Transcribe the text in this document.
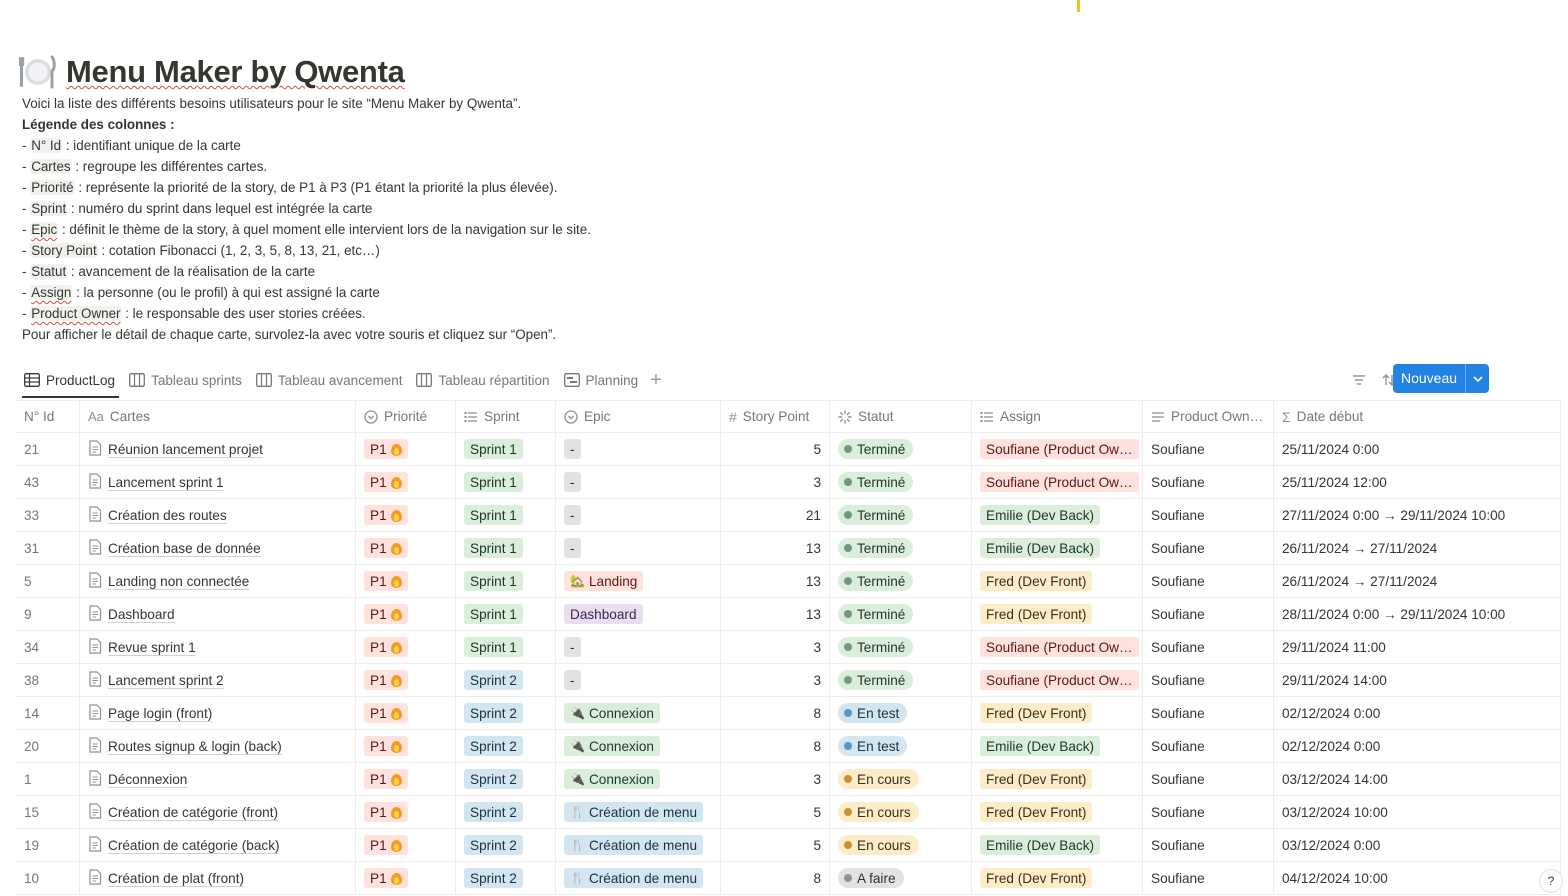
Menu Maker by Qwenta
Voici la liste des différents besoins utilisateurs pour le site “Menu Maker by Qwenta”.
Légende des colonnes :
- N° Id : identifiant unique de la carte
- Cartes : regroupe les différentes cartes.
- Priorité : représente la priorité de la story, de P1 à P3 (P1 étant la priorité la plus élevée).
- Sprint : numéro du sprint dans lequel est intégrée la carte
- Epic : définit le thème de la story, à quel moment elle intervient lors de la navigation sur le site.
- Story Point : cotation Fibonacci (1, 2, 3, 5, 8, 13, 21, etc…)
- Statut : avancement de la réalisation de la carte
- Assign : la personne (ou le profil) à qui est assigné la carte
- Product Owner : le responsable des user stories créées.
Pour afficher le détail de chaque carte, survolez-la avec votre souris et cliquez sur “Open”.
ProductLog	Tableau sprints	Tableau avancement	Tableau répartition	Planning +	Nouveau
N° Id	Aa Cartes	Priorité	Sprint	Epic	# Story Point	Statut	Assign	Product Own… Σ Date début
21	Réunion lancement projet	P1	Sprint 1	-	5	Terminé	Soufiane (Product Ow…	Soufiane	25/11/2024 0:00
43	Lancement sprint 1	P1	Sprint 1	-	3	Terminé	Soufiane (Product Ow…	Soufiane	25/11/2024 12:00
33	Création des routes	P1	Sprint 1	-	21	Terminé	Emilie (Dev Back)	Soufiane	27/11/2024 0:00 → 29/11/2024 10:00
31	Création base de donnée	P1	Sprint 1	-	13	Terminé	Emilie (Dev Back)	Soufiane	26/11/2024 → 27/11/2024
5	Landing non connectée	P1	Sprint 1	🏡 Landing	13	Terminé	Fred (Dev Front)	Soufiane	26/11/2024 → 27/11/2024
9	Dashboard	P1	Sprint 1	Dashboard	13	Terminé	Fred (Dev Front)	Soufiane	28/11/2024 0:00 → 29/11/2024 10:00
34	Revue sprint 1	P1	Sprint 1	-	3	Terminé	Soufiane (Product Ow…	Soufiane	29/11/2024 11:00
38	Lancement sprint 2	P1	Sprint 2	-	3	Terminé	Soufiane (Product Ow…	Soufiane	29/11/2024 14:00
14	Page login (front)	P1	Sprint 2	🔌 Connexion	8	En test	Fred (Dev Front)	Soufiane	02/12/2024 0:00
20	Routes signup & login (back)	P1	Sprint 2	🔌 Connexion	8	En test	Emilie (Dev Back)	Soufiane	02/12/2024 0:00
1	Déconnexion	P1	Sprint 2	🔌 Connexion	3	En cours	Fred (Dev Front)	Soufiane	03/12/2024 14:00
15	Création de catégorie (front)	P1	Sprint 2	🍴 Création de menu	5	En cours	Fred (Dev Front)	Soufiane	03/12/2024 10:00
19	Création de catégorie (back)	P1	Sprint 2	🍴 Création de menu	5	En cours	Emilie (Dev Back)	Soufiane	03/12/2024 0:00
10	Création de plat (front)	P1	Sprint 2	🍴 Création de menu	8	A faire	Fred (Dev Front)	Soufiane	04/12/2024 10:00	?
